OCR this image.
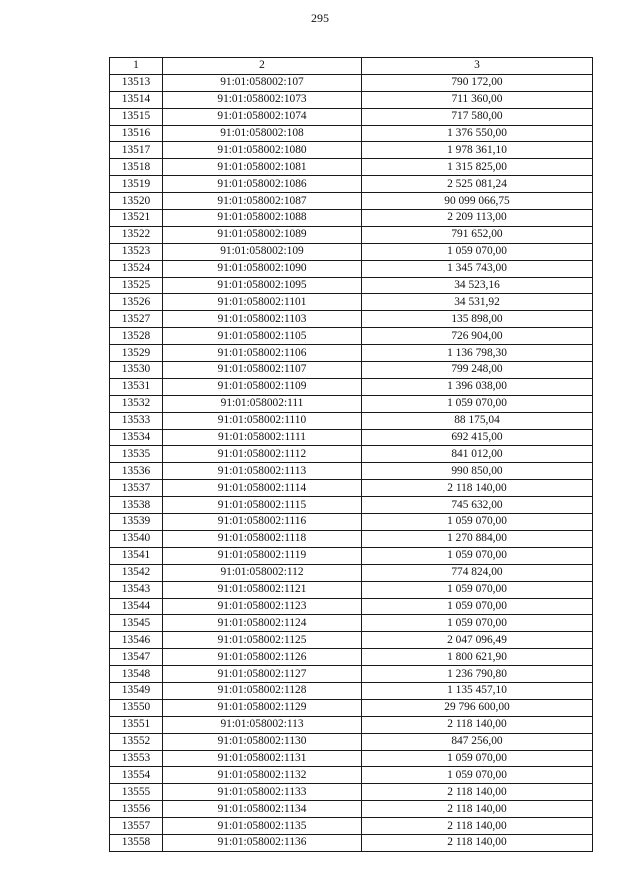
295
1	2	3
13513	91:01:058002:107	790 172,00
13514	91:01:058002:1073	711 360,00
13515	91:01:058002:1074	717 580,00
13516	91:01:058002:108	1 376 550,00
13517	91:01:058002:1080	1 978 361,10
13518	91:01:058002:1081	1 315 825,00
13519	91:01:058002:1086	2 525 081,24
13520	91:01:058002:1087	90 099 066,75
13521	91:01:058002:1088	2 209 113,00
13522	91:01:058002:1089	791 652,00
13523	91:01:058002:109	1 059 070,00
13524	91:01:058002:1090	1 345 743,00
13525	91:01:058002:1095	34 523,16
13526	91:01:058002:1101	34 531,92
13527	91:01:058002:1103	135 898,00
13528	91:01:058002:1105	726 904,00
13529	91:01:058002:1106	1 136 798,30
13530	91:01:058002:1107	799 248,00
13531	91:01:058002:1109	1 396 038,00
13532	91:01:058002:111	1 059 070,00
13533	91:01:058002:1110	88 175,04
13534	91:01:058002:1111	692 415,00
13535	91:01:058002:1112	841 012,00
13536	91:01:058002:1113	990 850,00
13537	91:01:058002:1114	2 118 140,00
13538	91:01:058002:1115	745 632,00
13539	91:01:058002:1116	1 059 070,00
13540	91:01:058002:1118	1 270 884,00
13541	91:01:058002:1119	1 059 070,00
13542	91:01:058002:112	774 824,00
13543	91:01:058002:1121	1 059 070,00
13544	91:01:058002:1123	1 059 070,00
13545	91:01:058002:1124	1 059 070,00
13546	91:01:058002:1125	2 047 096,49
13547	91:01:058002:1126	1 800 621,90
13548	91:01:058002:1127	1 236 790,80
13549	91:01:058002:1128	1 135 457,10
13550	91:01:058002:1129	29 796 600,00
13551	91:01:058002:113	2 118 140,00
13552	91:01:058002:1130	847 256,00
13553	91:01:058002:1131	1 059 070,00
13554	91:01:058002:1132	1 059 070,00
13555	91:01:058002:1133	2 118 140,00
13556	91:01:058002:1134	2 118 140,00
13557	91:01:058002:1135	2 118 140,00
13558	91:01:058002:1136	2 118 140,00
